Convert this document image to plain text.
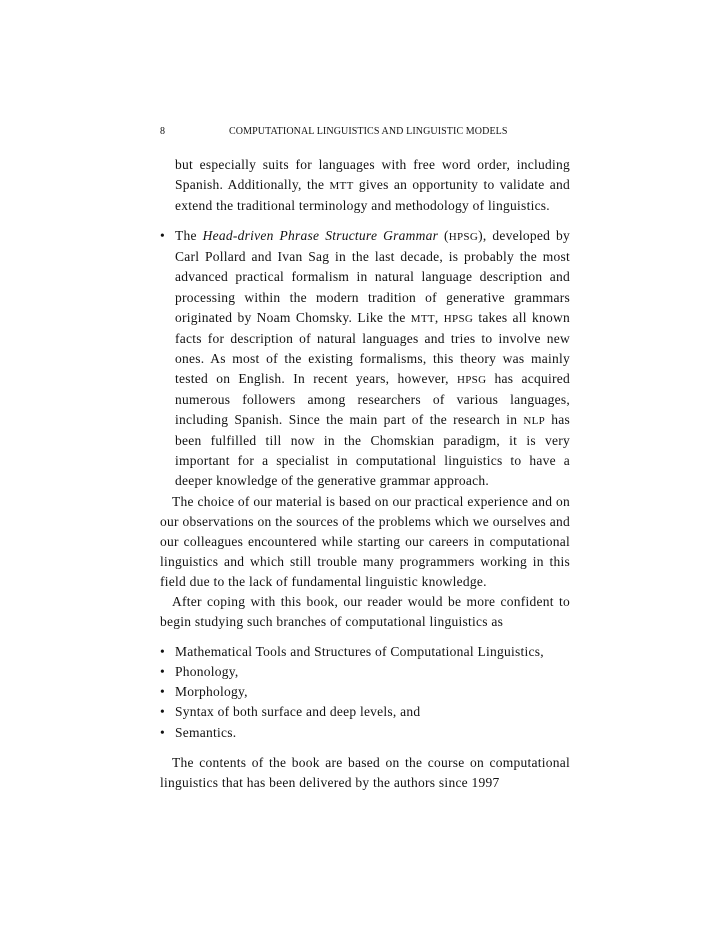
8	COMPUTATIONAL LINGUISTICS AND LINGUISTIC MODELS

but especially suits for languages with free word order, including Spanish. Additionally, the MTT gives an opportunity to validate and extend the traditional terminology and methodology of linguistics.

• The Head-driven Phrase Structure Grammar (HPSG), developed by Carl Pollard and Ivan Sag in the last decade, is probably the most advanced practical formalism in natural language description and processing within the modern tradition of generative grammars originated by Noam Chomsky. Like the MTT, HPSG takes all known facts for description of natural languages and tries to involve new ones. As most of the existing formalisms, this theory was mainly tested on English. In recent years, however, HPSG has acquired numerous followers among researchers of various languages, including Spanish. Since the main part of the research in NLP has been fulfilled till now in the Chomskian paradigm, it is very important for a specialist in computational linguistics to have a deeper knowledge of the generative grammar approach.

The choice of our material is based on our practical experience and on our observations on the sources of the problems which we ourselves and our colleagues encountered while starting our careers in computational linguistics and which still trouble many programmers working in this field due to the lack of fundamental linguistic knowledge.

After coping with this book, our reader would be more confident to begin studying such branches of computational linguistics as

• Mathematical Tools and Structures of Computational Linguistics,
• Phonology,
• Morphology,
• Syntax of both surface and deep levels, and
• Semantics.

The contents of the book are based on the course on computational linguistics that has been delivered by the authors since 1997
